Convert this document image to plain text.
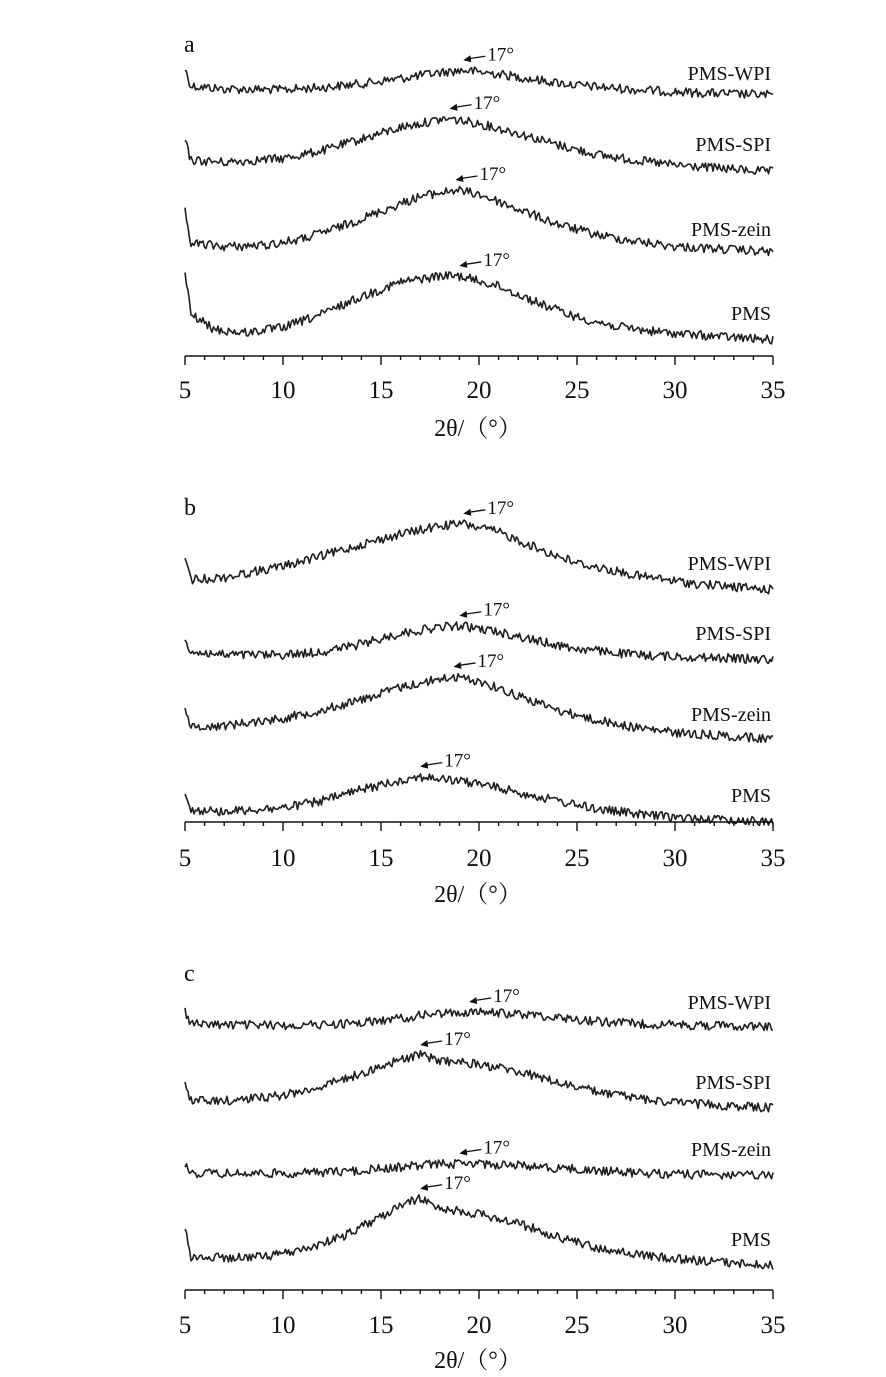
a
PMS-WPI
17°
PMS-SPI
17°
PMS-zein
17°
PMS
17°
5	10	15	20	25	30	35
2θ/（°）
b
PMS-WPI
17°
PMS-SPI
17°
PMS-zein
17°
PMS
17°
5	10	15	20	25	30	35
2θ/（°）
c
PMS-WPI
17°
PMS-SPI
17°
PMS-zein
17°
PMS
17°
5	10	15	20	25	30	35
2θ/（°）
